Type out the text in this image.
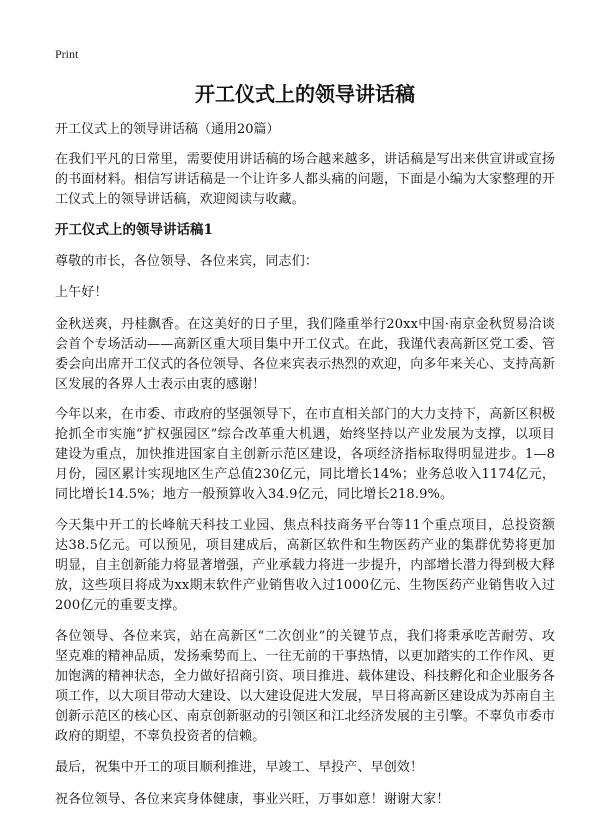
Print
开工仪式上的领导讲话稿

开工仪式上的领导讲话稿（通用20篇）

在我们平凡的日常里，需要使用讲话稿的场合越来越多，讲话稿是写出来供宣讲或宣扬的书面材料。相信写讲话稿是一个让许多人都头痛的问题，下面是小编为大家整理的开工仪式上的领导讲话稿，欢迎阅读与收藏。

开工仪式上的领导讲话稿1

尊敬的市长，各位领导、各位来宾，同志们：

上午好！

金秋送爽，丹桂飘香。在这美好的日子里，我们隆重举行20xx中国·南京金秋贸易洽谈会首个专场活动——高新区重大项目集中开工仪式。在此，我谨代表高新区党工委、管委会向出席开工仪式的各位领导、各位来宾表示热烈的欢迎，向多年来关心、支持高新区发展的各界人士表示由衷的感谢！

今年以来，在市委、市政府的坚强领导下，在市直相关部门的大力支持下，高新区积极抢抓全市实施“扩权强园区”综合改革重大机遇，始终坚持以产业发展为支撑，以项目建设为重点，加快推进国家自主创新示范区建设，各项经济指标取得明显进步。1—8月份，园区累计实现地区生产总值230亿元，同比增长14%；业务总收入1174亿元，同比增长14.5%；地方一般预算收入34.9亿元，同比增长218.9%。

今天集中开工的长峰航天科技工业园、焦点科技商务平台等11个重点项目，总投资额达38.5亿元。可以预见，项目建成后，高新区软件和生物医药产业的集群优势将更加明显，自主创新能力将显著增强，产业承载力将进一步提升，内部增长潜力得到极大释放，这些项目将成为xx期末软件产业销售收入过1000亿元、生物医药产业销售收入过200亿元的重要支撑。

各位领导、各位来宾，站在高新区“二次创业”的关键节点，我们将秉承吃苦耐劳、攻坚克难的精神品质，发扬乘势而上、一往无前的干事热情，以更加踏实的工作作风、更加饱满的精神状态，全力做好招商引资、项目推进、载体建设、科技孵化和企业服务各项工作，以大项目带动大建设、以大建设促进大发展，早日将高新区建设成为苏南自主创新示范区的核心区、南京创新驱动的引领区和江北经济发展的主引擎。不辜负市委市政府的期望，不辜负投资者的信赖。

最后，祝集中开工的项目顺利推进，早竣工、早投产、早创效！

祝各位领导、各位来宾身体健康，事业兴旺，万事如意！谢谢大家！
